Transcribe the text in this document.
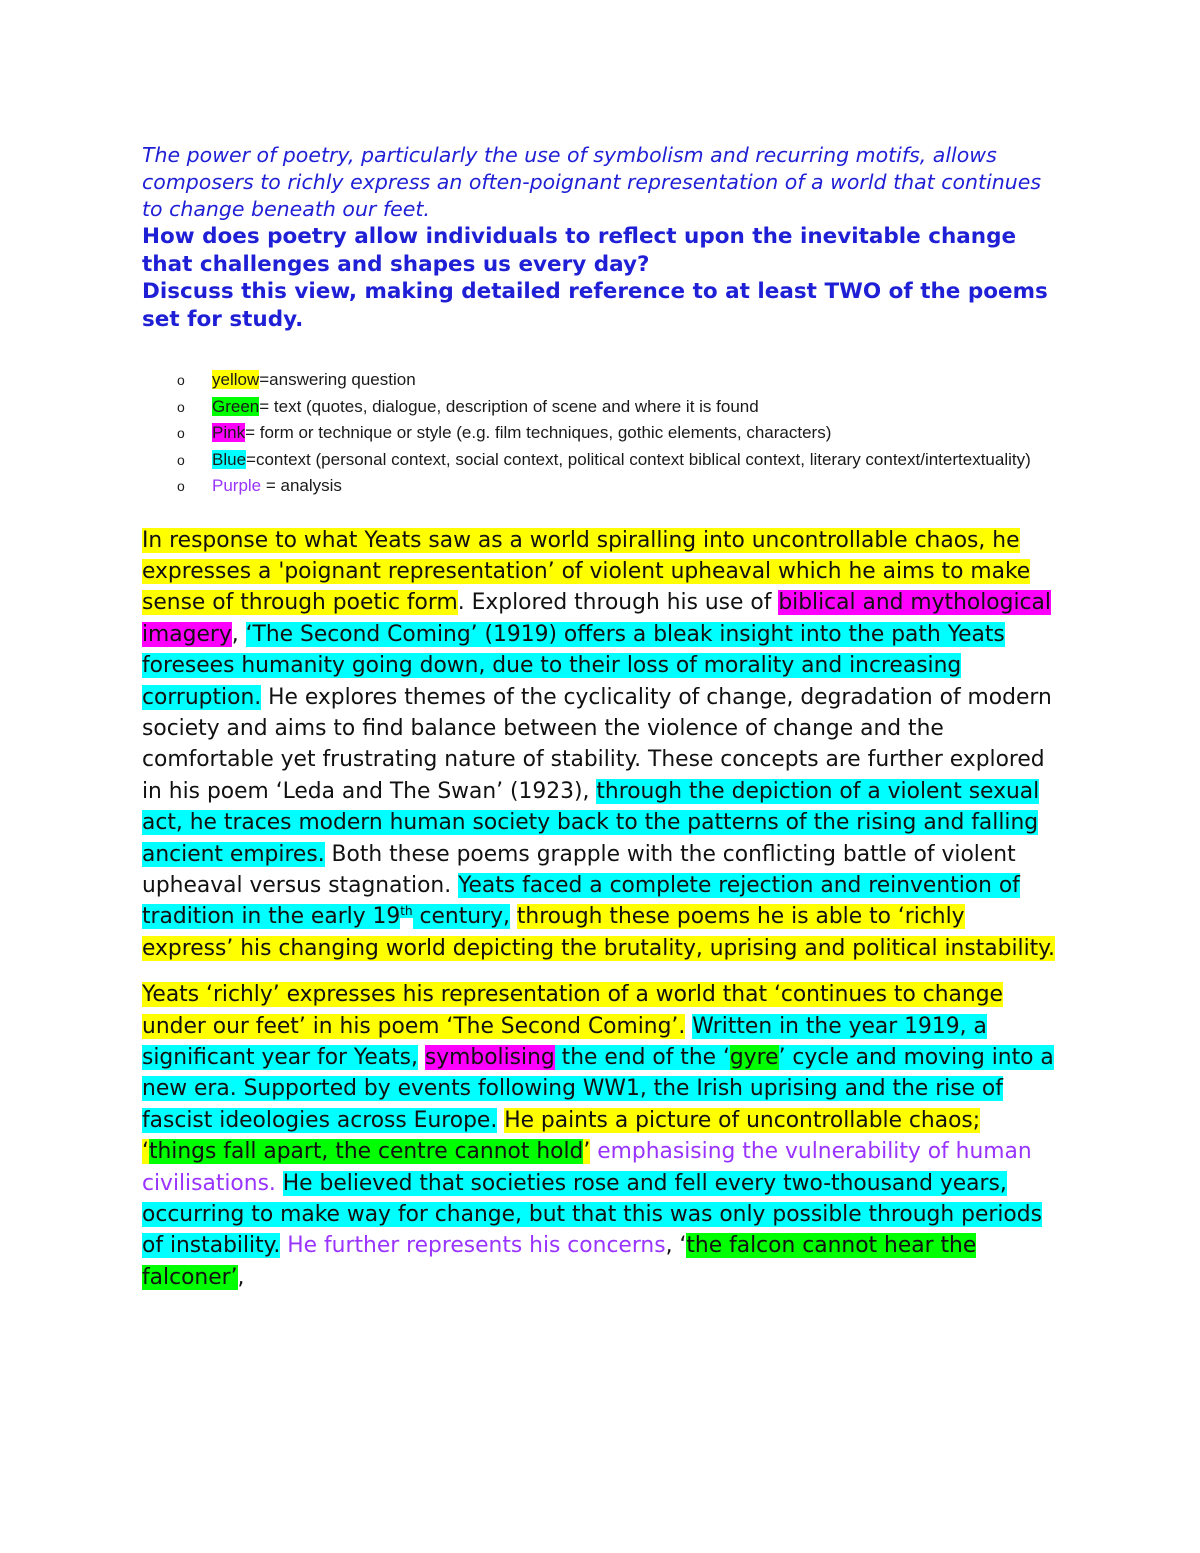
The power of poetry, particularly the use of symbolism and recurring motifs, allows composers to richly express an often-poignant representation of a world that continues to change beneath our feet.

How does poetry allow individuals to reflect upon the inevitable change that challenges and shapes us every day?

Discuss this view, making detailed reference to at least TWO of the poems set for study.

o yellow=answering question
o Green= text (quotes, dialogue, description of scene and where it is found
o Pink= form or technique or style (e.g. film techniques, gothic elements, characters)
o Blue=context (personal context, social context, political context biblical context, literary context/intertextuality)
o Purple = analysis

In response to what Yeats saw as a world spiralling into uncontrollable chaos, he expresses a 'poignant representation’ of violent upheaval which he aims to make sense of through poetic form. Explored through his use of biblical and mythological imagery, ‘The Second Coming’ (1919) offers a bleak insight into the path Yeats foresees humanity going down, due to their loss of morality and increasing corruption. He explores themes of the cyclicality of change, degradation of modern society and aims to find balance between the violence of change and the comfortable yet frustrating nature of stability. These concepts are further explored in his poem ‘Leda and The Swan’ (1923), through the depiction of a violent sexual act, he traces modern human society back to the patterns of the rising and falling ancient empires. Both these poems grapple with the conflicting battle of violent upheaval versus stagnation. Yeats faced a complete rejection and reinvention of tradition in the early 19th century, through these poems he is able to ‘richly express’ his changing world depicting the brutality, uprising and political instability.

Yeats ‘richly’ expresses his representation of a world that ‘continues to change under our feet’ in his poem ‘The Second Coming’. Written in the year 1919, a significant year for Yeats, symbolising the end of the ‘gyre’ cycle and moving into a new era. Supported by events following WW1, the Irish uprising and the rise of fascist ideologies across Europe. He paints a picture of uncontrollable chaos; ‘things fall apart, the centre cannot hold’ emphasising the vulnerability of human civilisations. He believed that societies rose and fell every two-thousand years, occurring to make way for change, but that this was only possible through periods of instability. He further represents his concerns, ‘the falcon cannot hear the falconer’,
